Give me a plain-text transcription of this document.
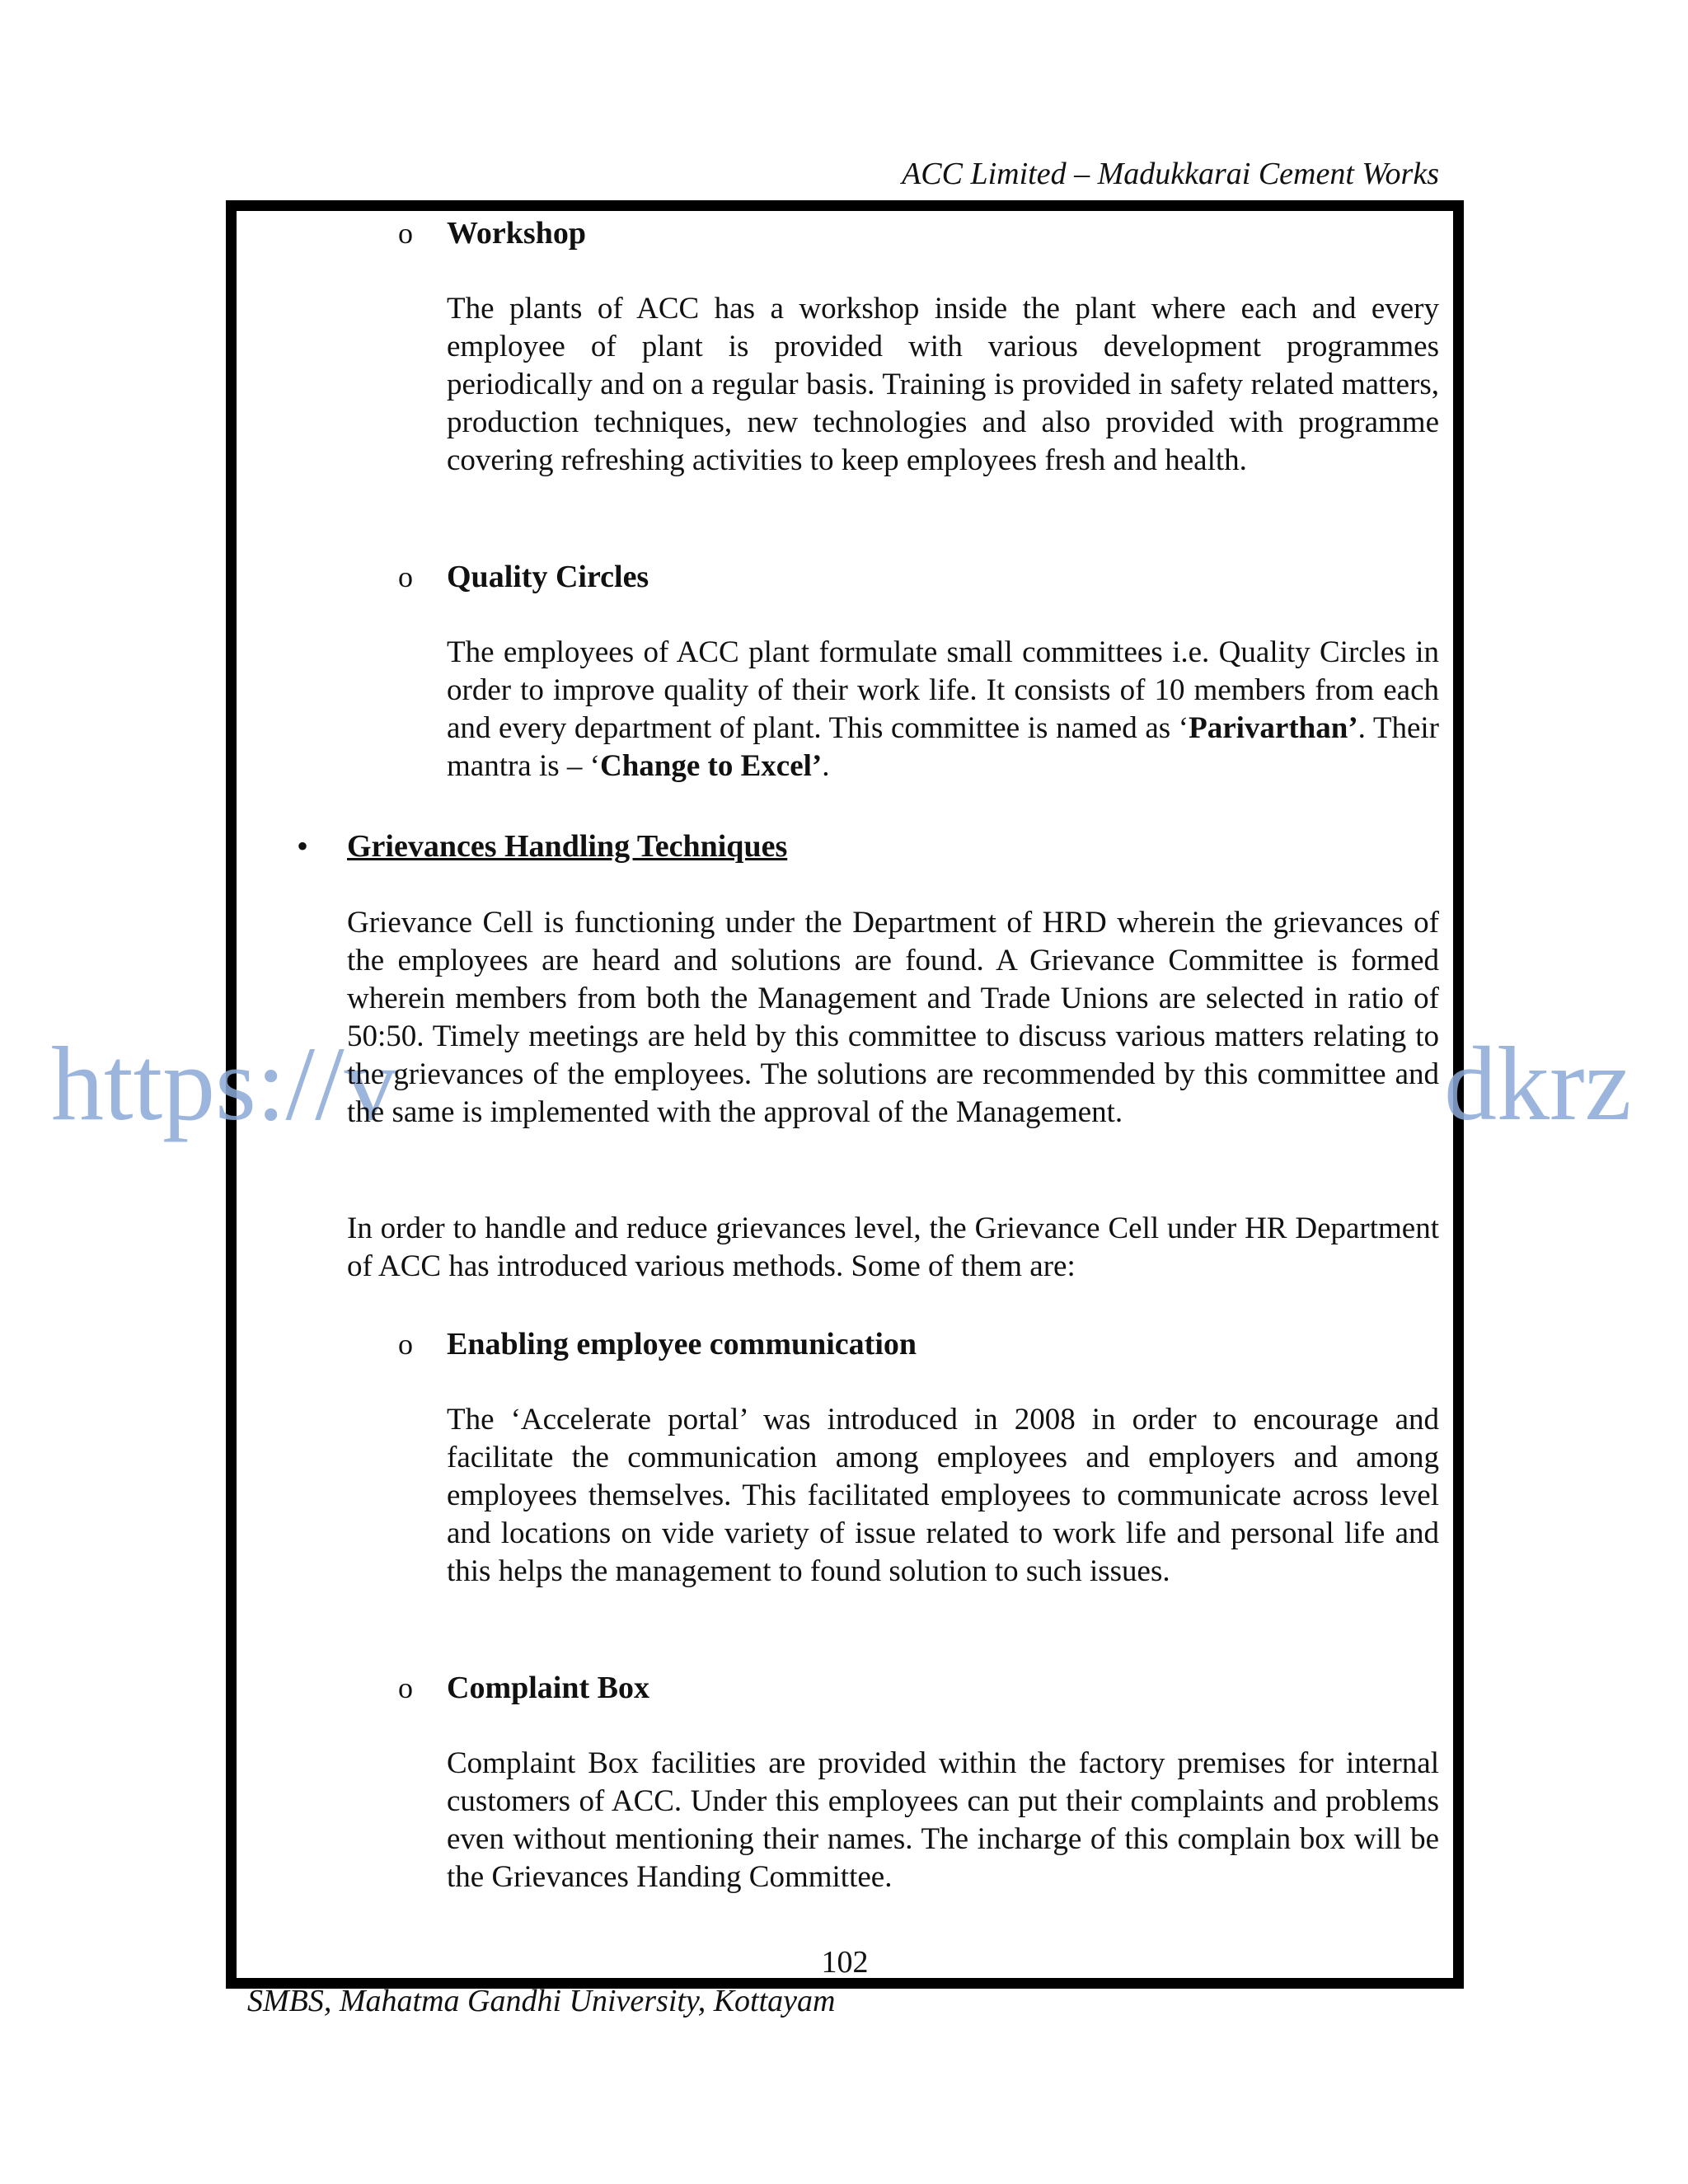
ACC Limited – Madukkarai Cement Works
https://v	dkrz
o	Workshop
The plants of ACC has a workshop inside the plant where each and every employee of plant is provided with various development programmes periodically and on a regular basis. Training is provided in safety related matters, production techniques, new technologies and also provided with programme covering refreshing activities to keep employees fresh and health.
o	Quality Circles
The employees of ACC plant formulate small committees i.e. Quality Circles in order to improve quality of their work life. It consists of 10 members from each and every department of plant. This committee is named as ‘Parivarthan’. Their mantra is – ‘Change to Excel’.
• Grievances Handling Techniques
Grievance Cell is functioning under the Department of HRD wherein the grievances of the employees are heard and solutions are found. A Grievance Committee is formed wherein members from both the Management and Trade Unions are selected in ratio of 50:50. Timely meetings are held by this committee to discuss various matters relating to the grievances of the employees. The solutions are recommended by this committee and the same is implemented with the approval of the Management.
In order to handle and reduce grievances level, the Grievance Cell under HR Department of ACC has introduced various methods. Some of them are:
o	Enabling employee communication
The ‘Accelerate portal’ was introduced in 2008 in order to encourage and facilitate the communication among employees and employers and among employees themselves. This facilitated employees to communicate across level and locations on vide variety of issue related to work life and personal life and this helps the management to found solution to such issues.
o	Complaint Box
Complaint Box facilities are provided within the factory premises for internal customers of ACC. Under this employees can put their complaints and problems even without mentioning their names. The incharge of this complain box will be the Grievances Handing Committee.
102
SMBS, Mahatma Gandhi University, Kottayam
